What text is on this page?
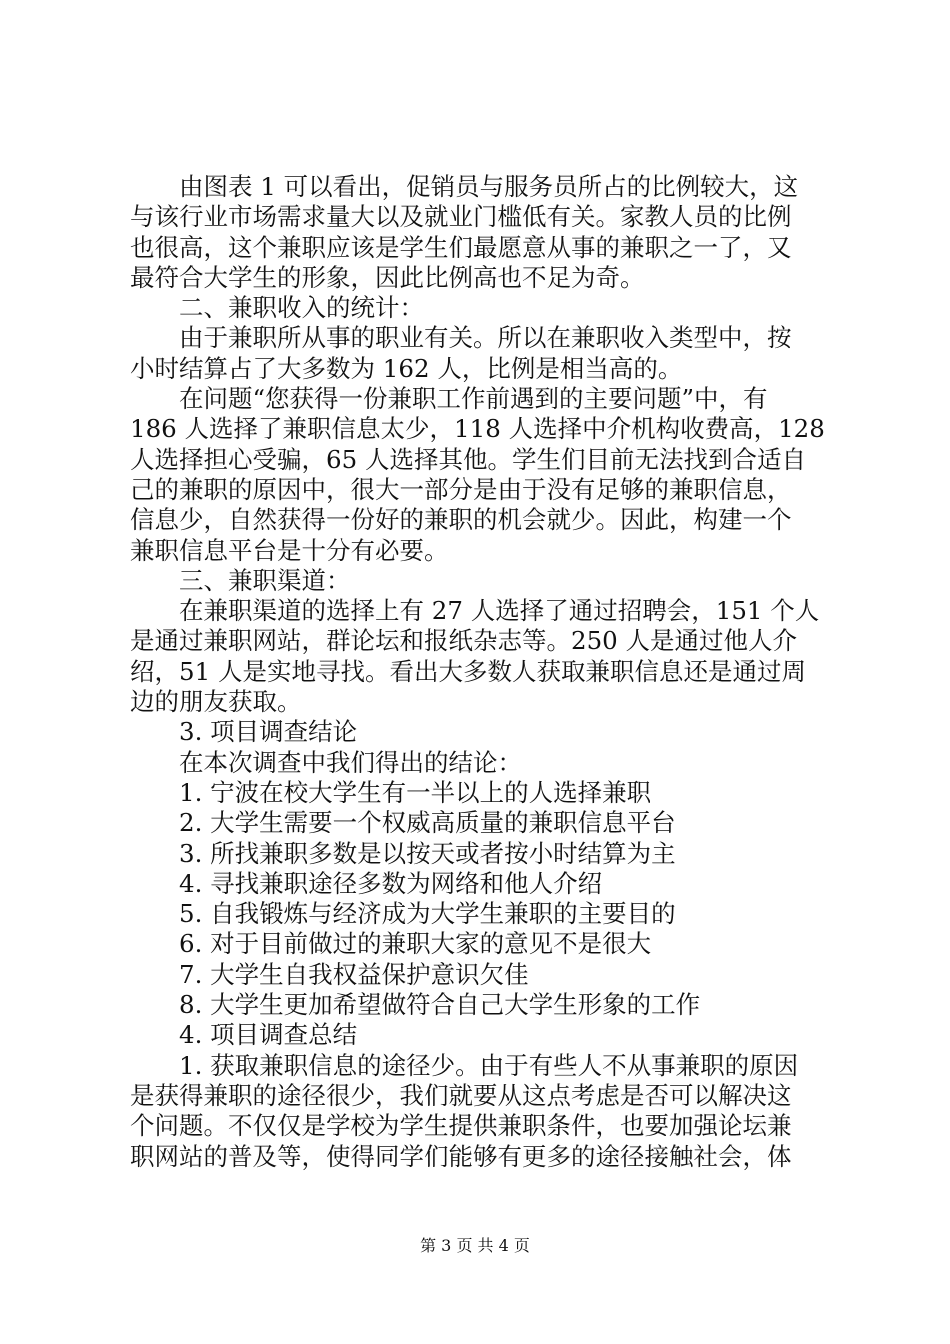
由图表 1 可以看出，促销员与服务员所占的比例较大，这
与该行业市场需求量大以及就业门槛低有关。家教人员的比例
也很高，这个兼职应该是学生们最愿意从事的兼职之一了，又
最符合大学生的形象，因此比例高也不足为奇。
二、兼职收入的统计：
由于兼职所从事的职业有关。所以在兼职收入类型中，按
小时结算占了大多数为 162 人，比例是相当高的。
在问题“您获得一份兼职工作前遇到的主要问题”中，有
186 人选择了兼职信息太少，118 人选择中介机构收费高，128
人选择担心受骗，65 人选择其他。学生们目前无法找到合适自
己的兼职的原因中，很大一部分是由于没有足够的兼职信息，
信息少，自然获得一份好的兼职的机会就少。因此，构建一个
兼职信息平台是十分有必要。
三、兼职渠道：
在兼职渠道的选择上有 27 人选择了通过招聘会，151 个人
是通过兼职网站，群论坛和报纸杂志等。250 人是通过他人介
绍，51 人是实地寻找。看出大多数人获取兼职信息还是通过周
边的朋友获取。
3. 项目调查结论
在本次调查中我们得出的结论：
1. 宁波在校大学生有一半以上的人选择兼职
2. 大学生需要一个权威高质量的兼职信息平台
3. 所找兼职多数是以按天或者按小时结算为主
4. 寻找兼职途径多数为网络和他人介绍
5. 自我锻炼与经济成为大学生兼职的主要目的
6. 对于目前做过的兼职大家的意见不是很大
7. 大学生自我权益保护意识欠佳
8. 大学生更加希望做符合自己大学生形象的工作
4. 项目调查总结
1. 获取兼职信息的途径少。由于有些人不从事兼职的原因
是获得兼职的途径很少，我们就要从这点考虑是否可以解决这
个问题。不仅仅是学校为学生提供兼职条件，也要加强论坛兼
职网站的普及等，使得同学们能够有更多的途径接触社会，体
第 3 页 共 4 页
